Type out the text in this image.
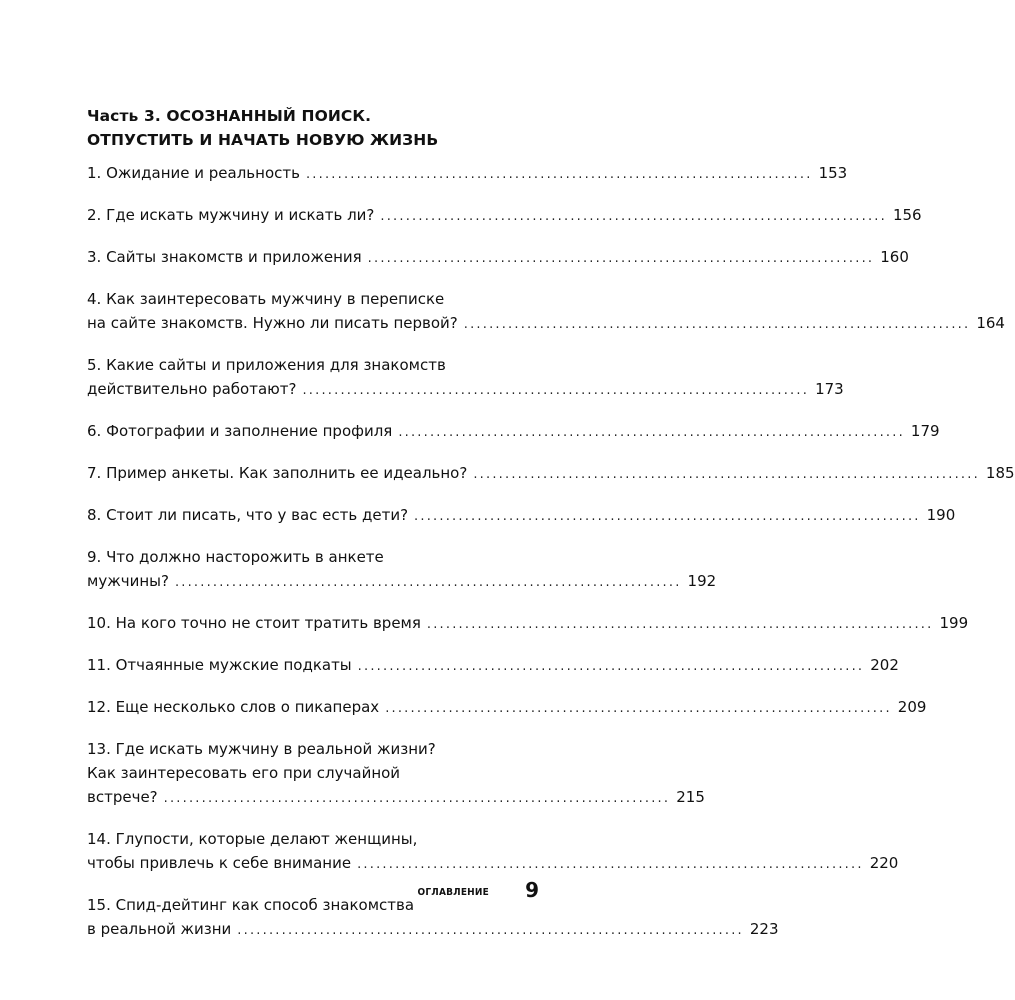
Часть 3. ОСОЗНАННЫЙ ПОИСК.
ОТПУСТИТЬ И НАЧАТЬ НОВУЮ ЖИЗНЬ
1. Ожидание и реальность ................................................................................ 153
2. Где искать мужчину и искать ли? ................................................................................ 156
3. Сайты знакомств и приложения ................................................................................ 160
4. Как заинтересовать мужчину в переписке
на сайте знакомств. Нужно ли писать первой? ................................................................................ 164
5. Какие сайты и приложения для знакомств
действительно работают? ................................................................................ 173
6. Фотографии и заполнение профиля ................................................................................ 179
7. Пример анкеты. Как заполнить ее идеально? ................................................................................ 185
8. Стоит ли писать, что у вас есть дети? ................................................................................ 190
9. Что должно насторожить в анкете
мужчины? ................................................................................ 192
10. На кого точно не стоит тратить время ................................................................................ 199
11. Отчаянные мужские подкаты ................................................................................ 202
12. Еще несколько слов о пикаперах ................................................................................ 209
13. Где искать мужчину в реальной жизни?
Как заинтересовать его при случайной
встрече? ................................................................................ 215
14. Глупости, которые делают женщины,
чтобы привлечь к себе внимание ................................................................................ 220
15. Спид-дейтинг как способ знакомства
в реальной жизни ................................................................................ 223
ОГЛАВЛЕНИЕ 9
